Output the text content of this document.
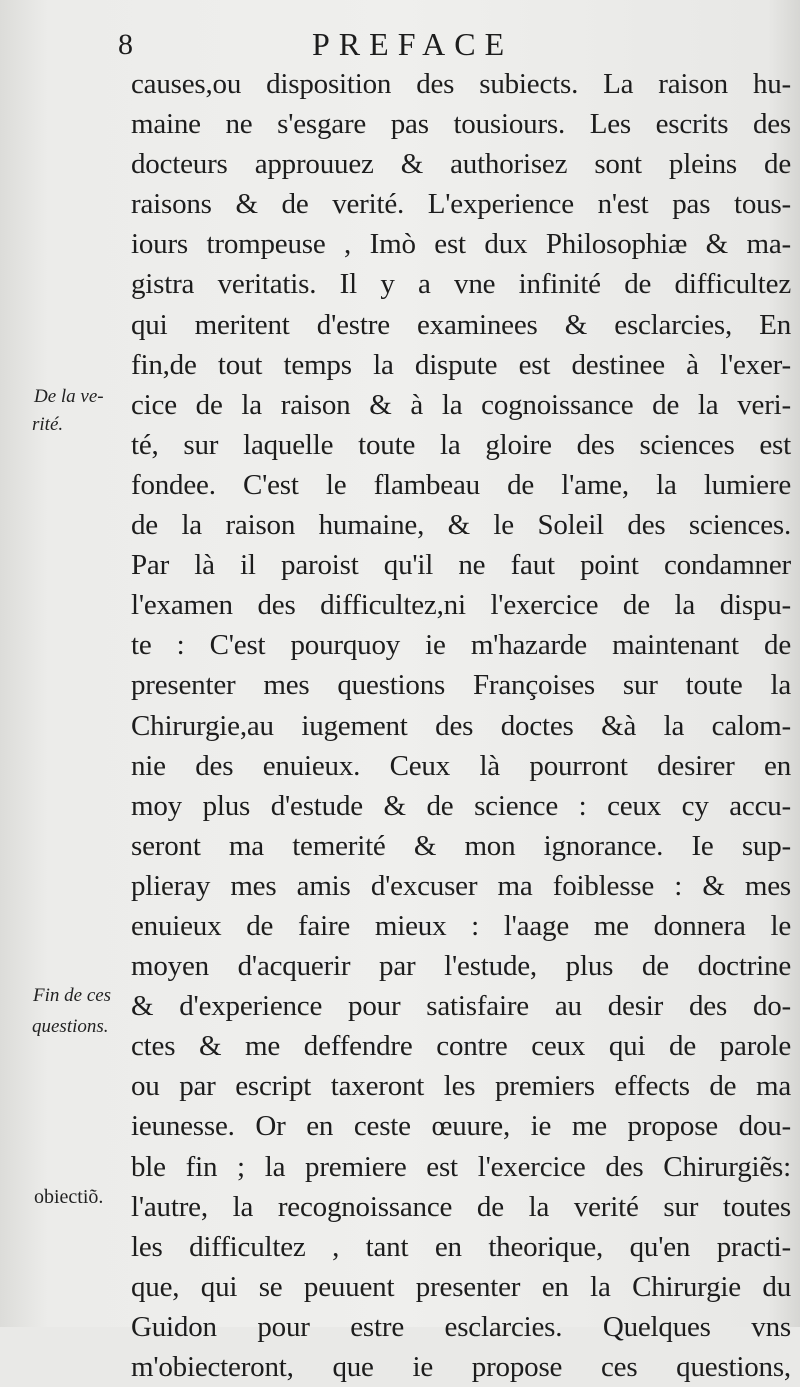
8	PREFACE
De la ve-
rité.
Fin de ces
questions.
obiectiõ.
causes,ou disposition des subiects. La raison hu-
maine ne s'esgare pas tousiours. Les escrits des
docteurs approuuez & authorisez sont pleins de
raisons & de verité. L'experience n'est pas tous-
iours trompeuse , Imò est dux Philosophiæ & ma-
gistra veritatis. Il y a vne infinité de difficultez
qui meritent d'estre examinees & esclarcies, En
fin,de tout temps la dispute est destinee à l'exer-
cice de la raison & à la cognoissance de la veri-
té, sur laquelle toute la gloire des sciences est
fondee. C'est le flambeau de l'ame, la lumiere
de la raison humaine, & le Soleil des sciences.
Par là il paroist qu'il ne faut point condamner
l'examen des difficultez,ni l'exercice de la dispu-
te : C'est pourquoy ie m'hazarde maintenant de
presenter mes questions Françoises sur toute la
Chirurgie,au iugement des doctes &à la calom-
nie des enuieux. Ceux là pourront desirer en
moy plus d'estude & de science : ceux cy accu-
seront ma temerité & mon ignorance. Ie sup-
plieray mes amis d'excuser ma foiblesse : & mes
enuieux de faire mieux : l'aage me donnera le
moyen d'acquerir par l'estude, plus de doctrine
& d'experience pour satisfaire au desir des do-
ctes & me deffendre contre ceux qui de parole
ou par escript taxeront les premiers effects de ma
ieunesse. Or en ceste œuure, ie me propose dou-
ble fin ; la premiere est l'exercice des Chirurgiẽs:
l'autre, la recognoissance de la verité sur toutes
les difficultez , tant en theorique, qu'en practi-
que, qui se peuuent presenter en la Chirurgie du
Guidon pour estre esclarcies. Quelques vns
m'obiecteront, que ie propose ces questions,
